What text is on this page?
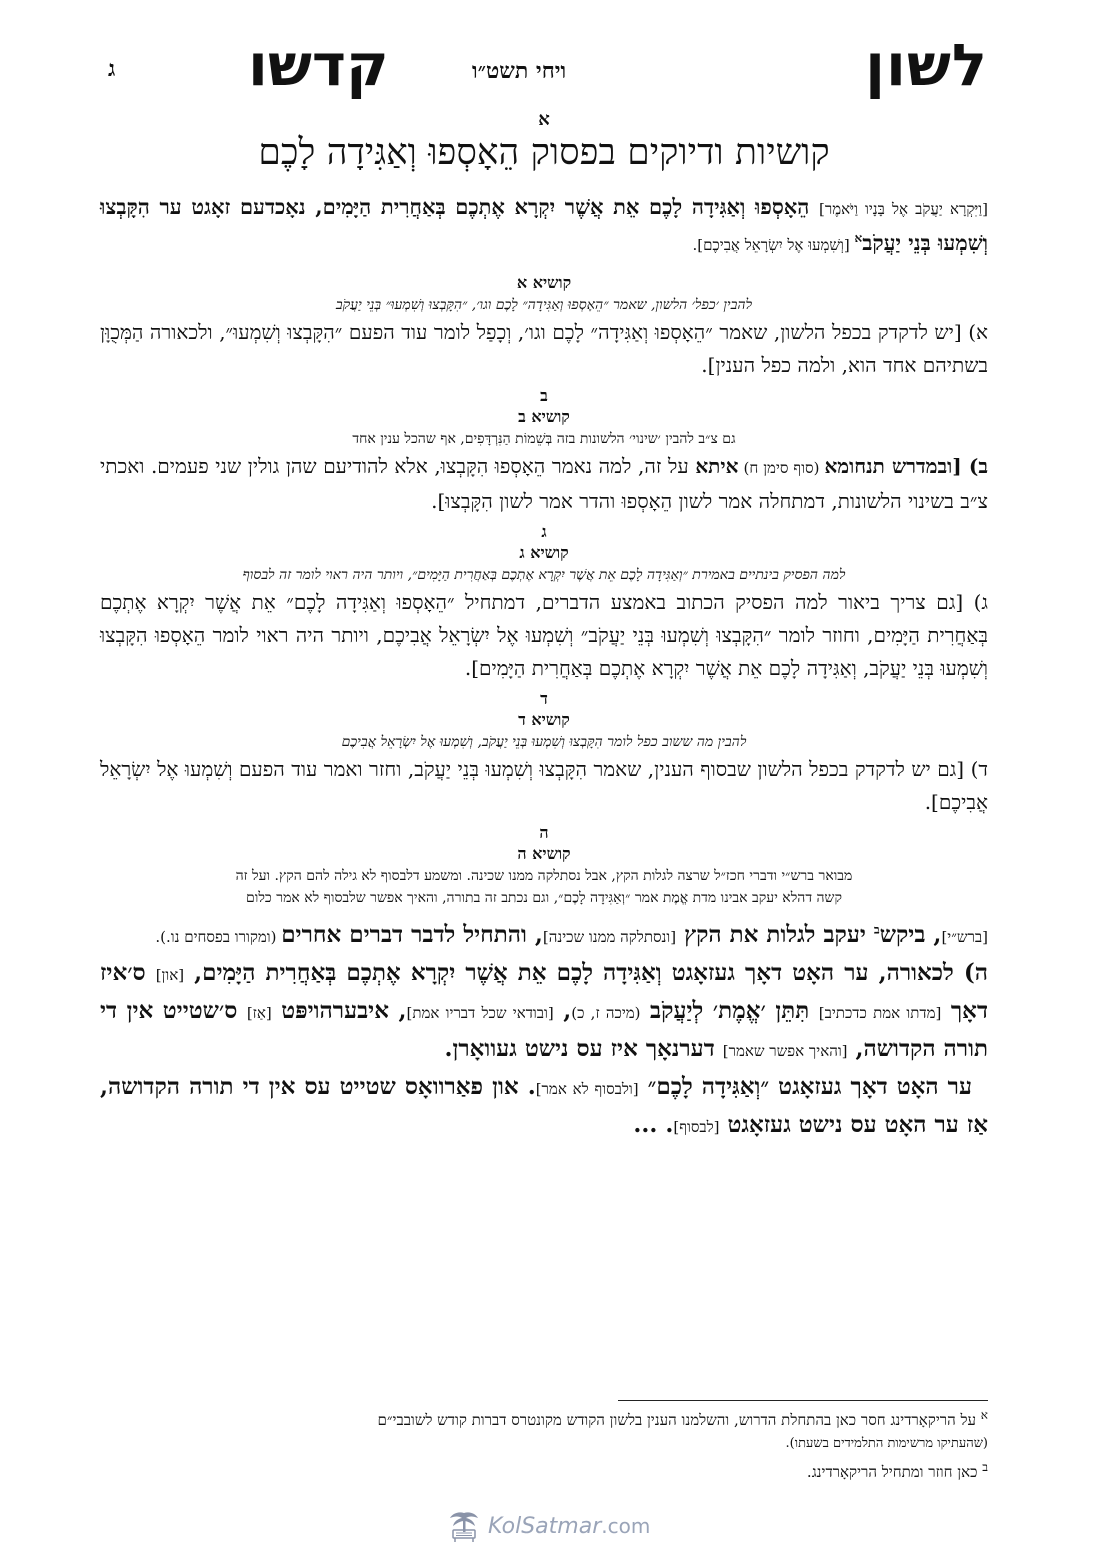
לשון
ויחי תשט״ו
קדשו
ג
א
קושיות ודיוקים בפסוק הֵאָסְפוּ וְאַגִּידָה לָכֶם

[וַיִּקְרָא יַעֲקֹב אֶל בָּנָיו וַיֹּאמֶר] הֵאָסְפוּ וְאַגִּידָה לָכֶם אֵת אֲשֶׁר יִקְרָא אֶתְכֶם בְּאַחֲרִית הַיָּמִים, נאָכדעם זאָגט ער הִקָּבְצוּ וְשִׁמְעוּ בְּנֵי יַעֲקֹב$^א$ [וְשִׁמְעוּ אֶל יִשְׂרָאֵל אֲבִיכֶם].

קושיא א
להבין ׳כפל׳ הלשון, שאמר ״הֵאָסְפוּ וְאַגִּידָה״ לָכֶם וגו׳, ״הִקָּבְצוּ וְשִׁמְעוּ״ בְּנֵי יַעֲקֹב

א) [יש לדקדק בכפל הלשון, שאמר ״הֵאָסְפוּ וְאַגִּידָה״ לָכֶם וגו׳, וְכָפַל לומר עוד הפעם ״הִקָּבְצוּ וְשִׁמְעוּ״, ולכאורה הַמְּכֻוָּן בשתיהם אחד הוא, ולמה כפל הענין].

ב
קושיא ב
גם צ״ב להבין ׳שינוי׳ הלשונות בזה בְּשֵׁמוֹת הַנִּרְדָּפִים, אף שהכל ענין אחד

ב) [ובמדרש תנחומא (סוף סימן ח) איתא על זה, למה נאמר הֵאָסְפוּ הִקָּבְצוּ, אלא להודיעם שהן גולין שני פעמים. ואכתי צ״ב בשינוי הלשונות, דמתחלה אמר לשון הֵאָסְפוּ והדר אמר לשון הִקָּבְצוּ].

ג
קושיא ג
למה הפסיק בינתיים באמירת ״וְאַגִּידָה לָכֶם אֵת אֲשֶׁר יִקְרָא אֶתְכֶם בְּאַחֲרִית הַיָּמִים״, ויותר היה ראוי לומר זה לבסוף

ג) [גם צריך ביאור למה הפסיק הכתוב באמצע הדברים, דמתחיל ״הֵאָסְפוּ וְאַגִּידָה לָכֶם״ אֵת אֲשֶׁר יִקְרָא אֶתְכֶם בְּאַחֲרִית הַיָּמִים, וחוזר לומר ״הִקָּבְצוּ וְשִׁמְעוּ בְּנֵי יַעֲקֹב״ וְשִׁמְעוּ אֶל יִשְׂרָאֵל אֲבִיכֶם, ויותר היה ראוי לומר הֵאָסְפוּ הִקָּבְצוּ וְשִׁמְעוּ בְּנֵי יַעֲקֹב, וְאַגִּידָה לָכֶם אֵת אֲשֶׁר יִקְרָא אֶתְכֶם בְּאַחֲרִית הַיָּמִים].

ד
קושיא ד
להבין מה ששוב כפל לומר הִקָּבְצוּ וְשִׁמְעוּ בְּנֵי יַעֲקֹב, וְשִׁמְעוּ אֶל יִשְׂרָאֵל אֲבִיכֶם

ד) [גם יש לדקדק בכפל הלשון שבסוף הענין, שאמר הִקָּבְצוּ וְשִׁמְעוּ בְּנֵי יַעֲקֹב, וחזר ואמר עוד הפעם וְשִׁמְעוּ אֶל יִשְׂרָאֵל אֲבִיכֶם].

ה
קושיא ה
מבואר ברש״י ודברי חכז״ל שרצה לגלות הקץ, אבל נסתלקה ממנו שכינה. ומשמע דלבסוף לא גילה להם הקץ. ועל זה
קשה דהלא יעקב אבינו מדת אֱמֶת אמר ״וְאַגִּידָה לָכֶם״, וגם נכתב זה בתורה, והאיך אפשר שלבסוף לא אמר כלום

[ברש״י], ביקש$^ב$ יעקב לגלות את הקץ [ונסתלקה ממנו שכינה], והתחיל לדבר דברים אחרים (ומקורו בפסחים נו.).

ה) לכאורה, ער האָט דאָך געזאָגט וְאַגִּידָה לָכֶם אֵת אֲשֶׁר יִקְרָא אֶתְכֶם בְּאַחֲרִית הַיָּמִים, [און] ס׳איז דאָך [מדתו אמת כדכתיב] תִּתֵּן ׳אֱמֶת׳ לְיַעֲקֹב (מיכה ז, כ), [ובודאי שכל דבריו אמת], איבערהויפּט [אַז] ס׳שטייט אין די תורה הקדושה, [והאיך אפשר שאמר] דערנאָך איז עס נישט געוואָרן.

ער האָט דאָך געזאָגט ״וְאַגִּידָה לָכֶם״ [ולבסוף לא אמר]. און פאַרוואָס שטייט עס אין די תורה הקדושה, אַז ער האָט עס נישט געזאָגט [לבסוף]. ...

$^א$ על הריקאָרדינג חסר כאן בהתחלת הדרוש, והשלמנו הענין בלשון הקודש מקונטרס דברות קודש לשובבי״ם

(שהעתיקו מרשימות התלמידים בשעתו).

$^ב$ כאן חוזר ומתחיל הריקאָרדינג.

KolSatmar.com
